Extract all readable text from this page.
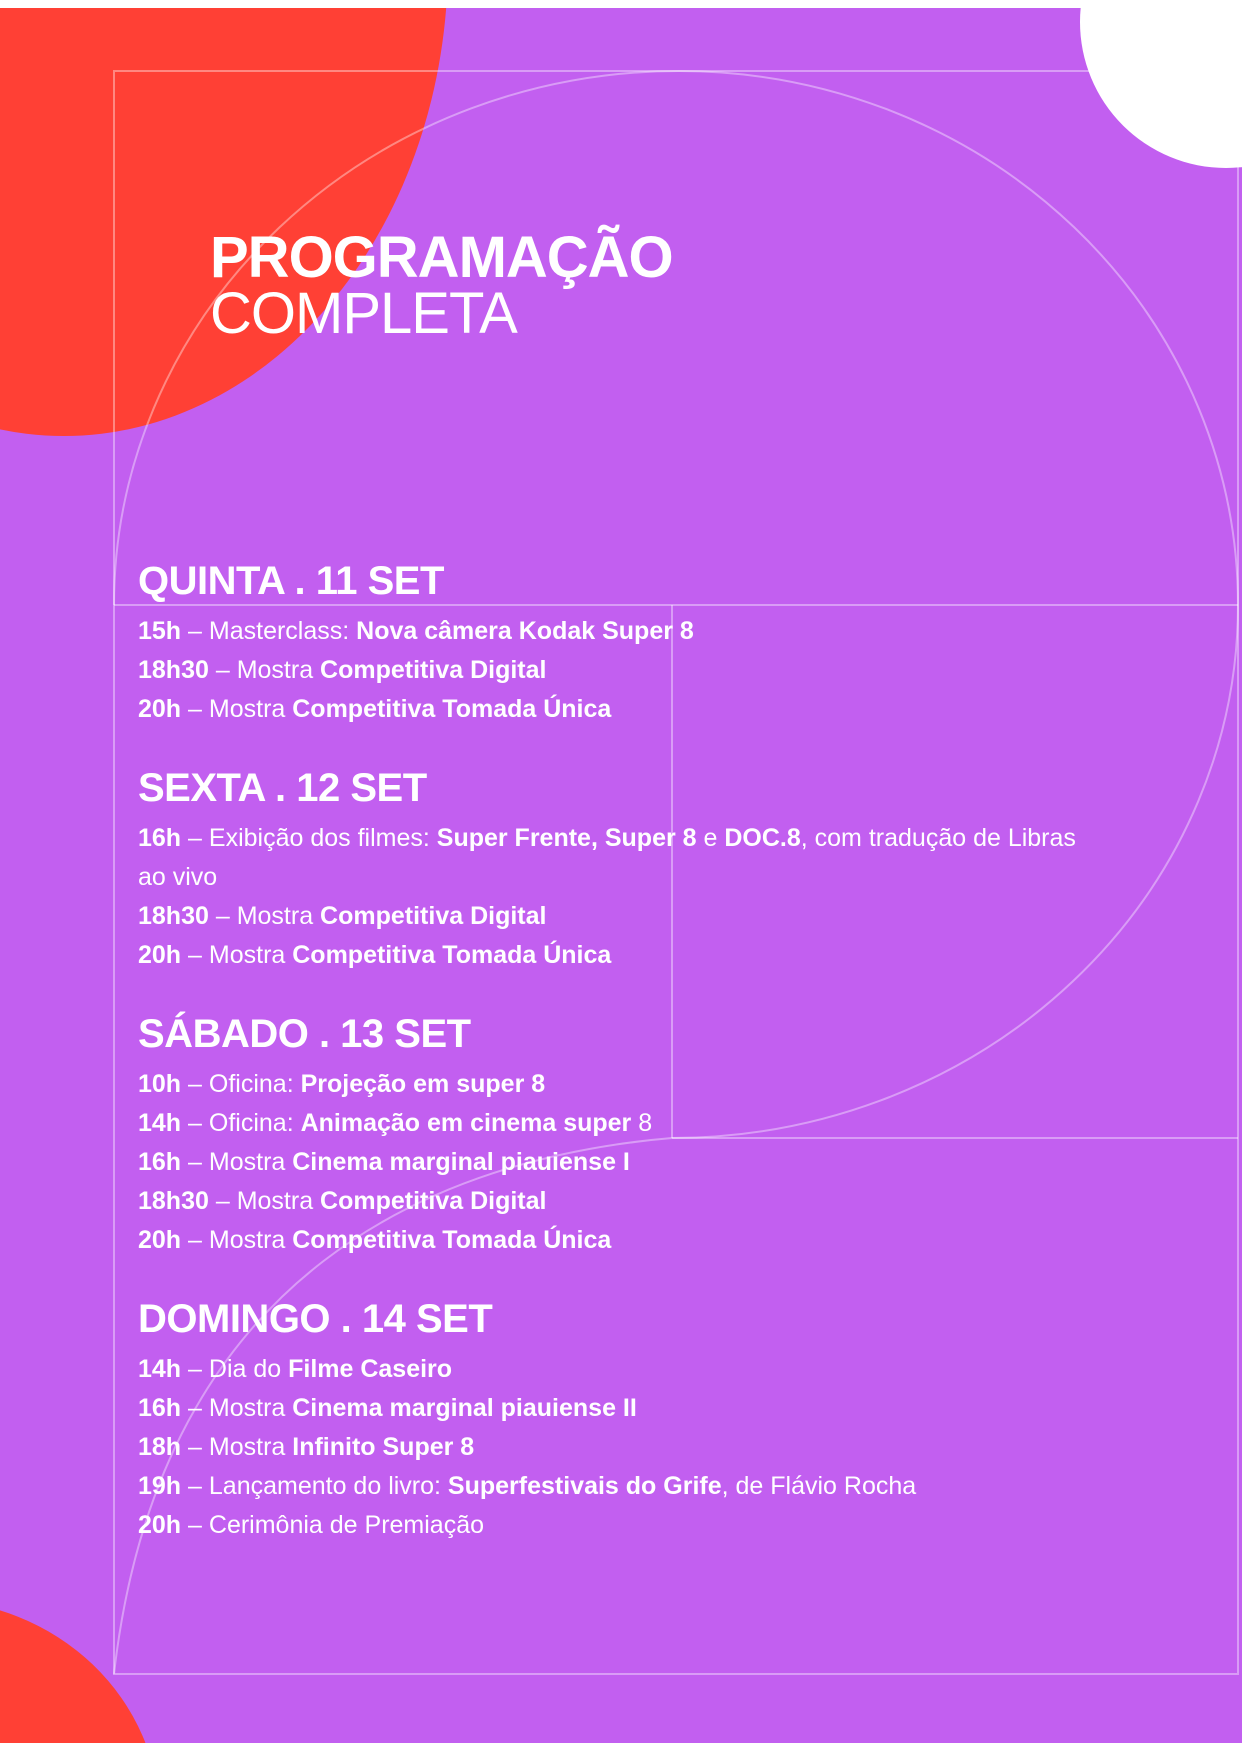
PROGRAMAÇÃO
COMPLETA
QUINTA . 11 SET

15h – Masterclass: Nova câmera Kodak Super 8

18h30 – Mostra Competitiva Digital

20h – Mostra Competitiva Tomada Única

SEXTA . 12 SET

16h – Exibição dos filmes: Super Frente, Super 8 e DOC.8, com tradução de Libras ao vivo

18h30 – Mostra Competitiva Digital

20h – Mostra Competitiva Tomada Única

SÁBADO . 13 SET

10h – Oficina: Projeção em super 8

14h – Oficina: Animação em cinema super 8

16h – Mostra Cinema marginal piauiense I

18h30 – Mostra Competitiva Digital

20h – Mostra Competitiva Tomada Única

DOMINGO . 14 SET

14h – Dia do Filme Caseiro

16h – Mostra Cinema marginal piauiense II

18h – Mostra Infinito Super 8

19h – Lançamento do livro: Superfestivais do Grife, de Flávio Rocha

20h – Cerimônia de Premiação
